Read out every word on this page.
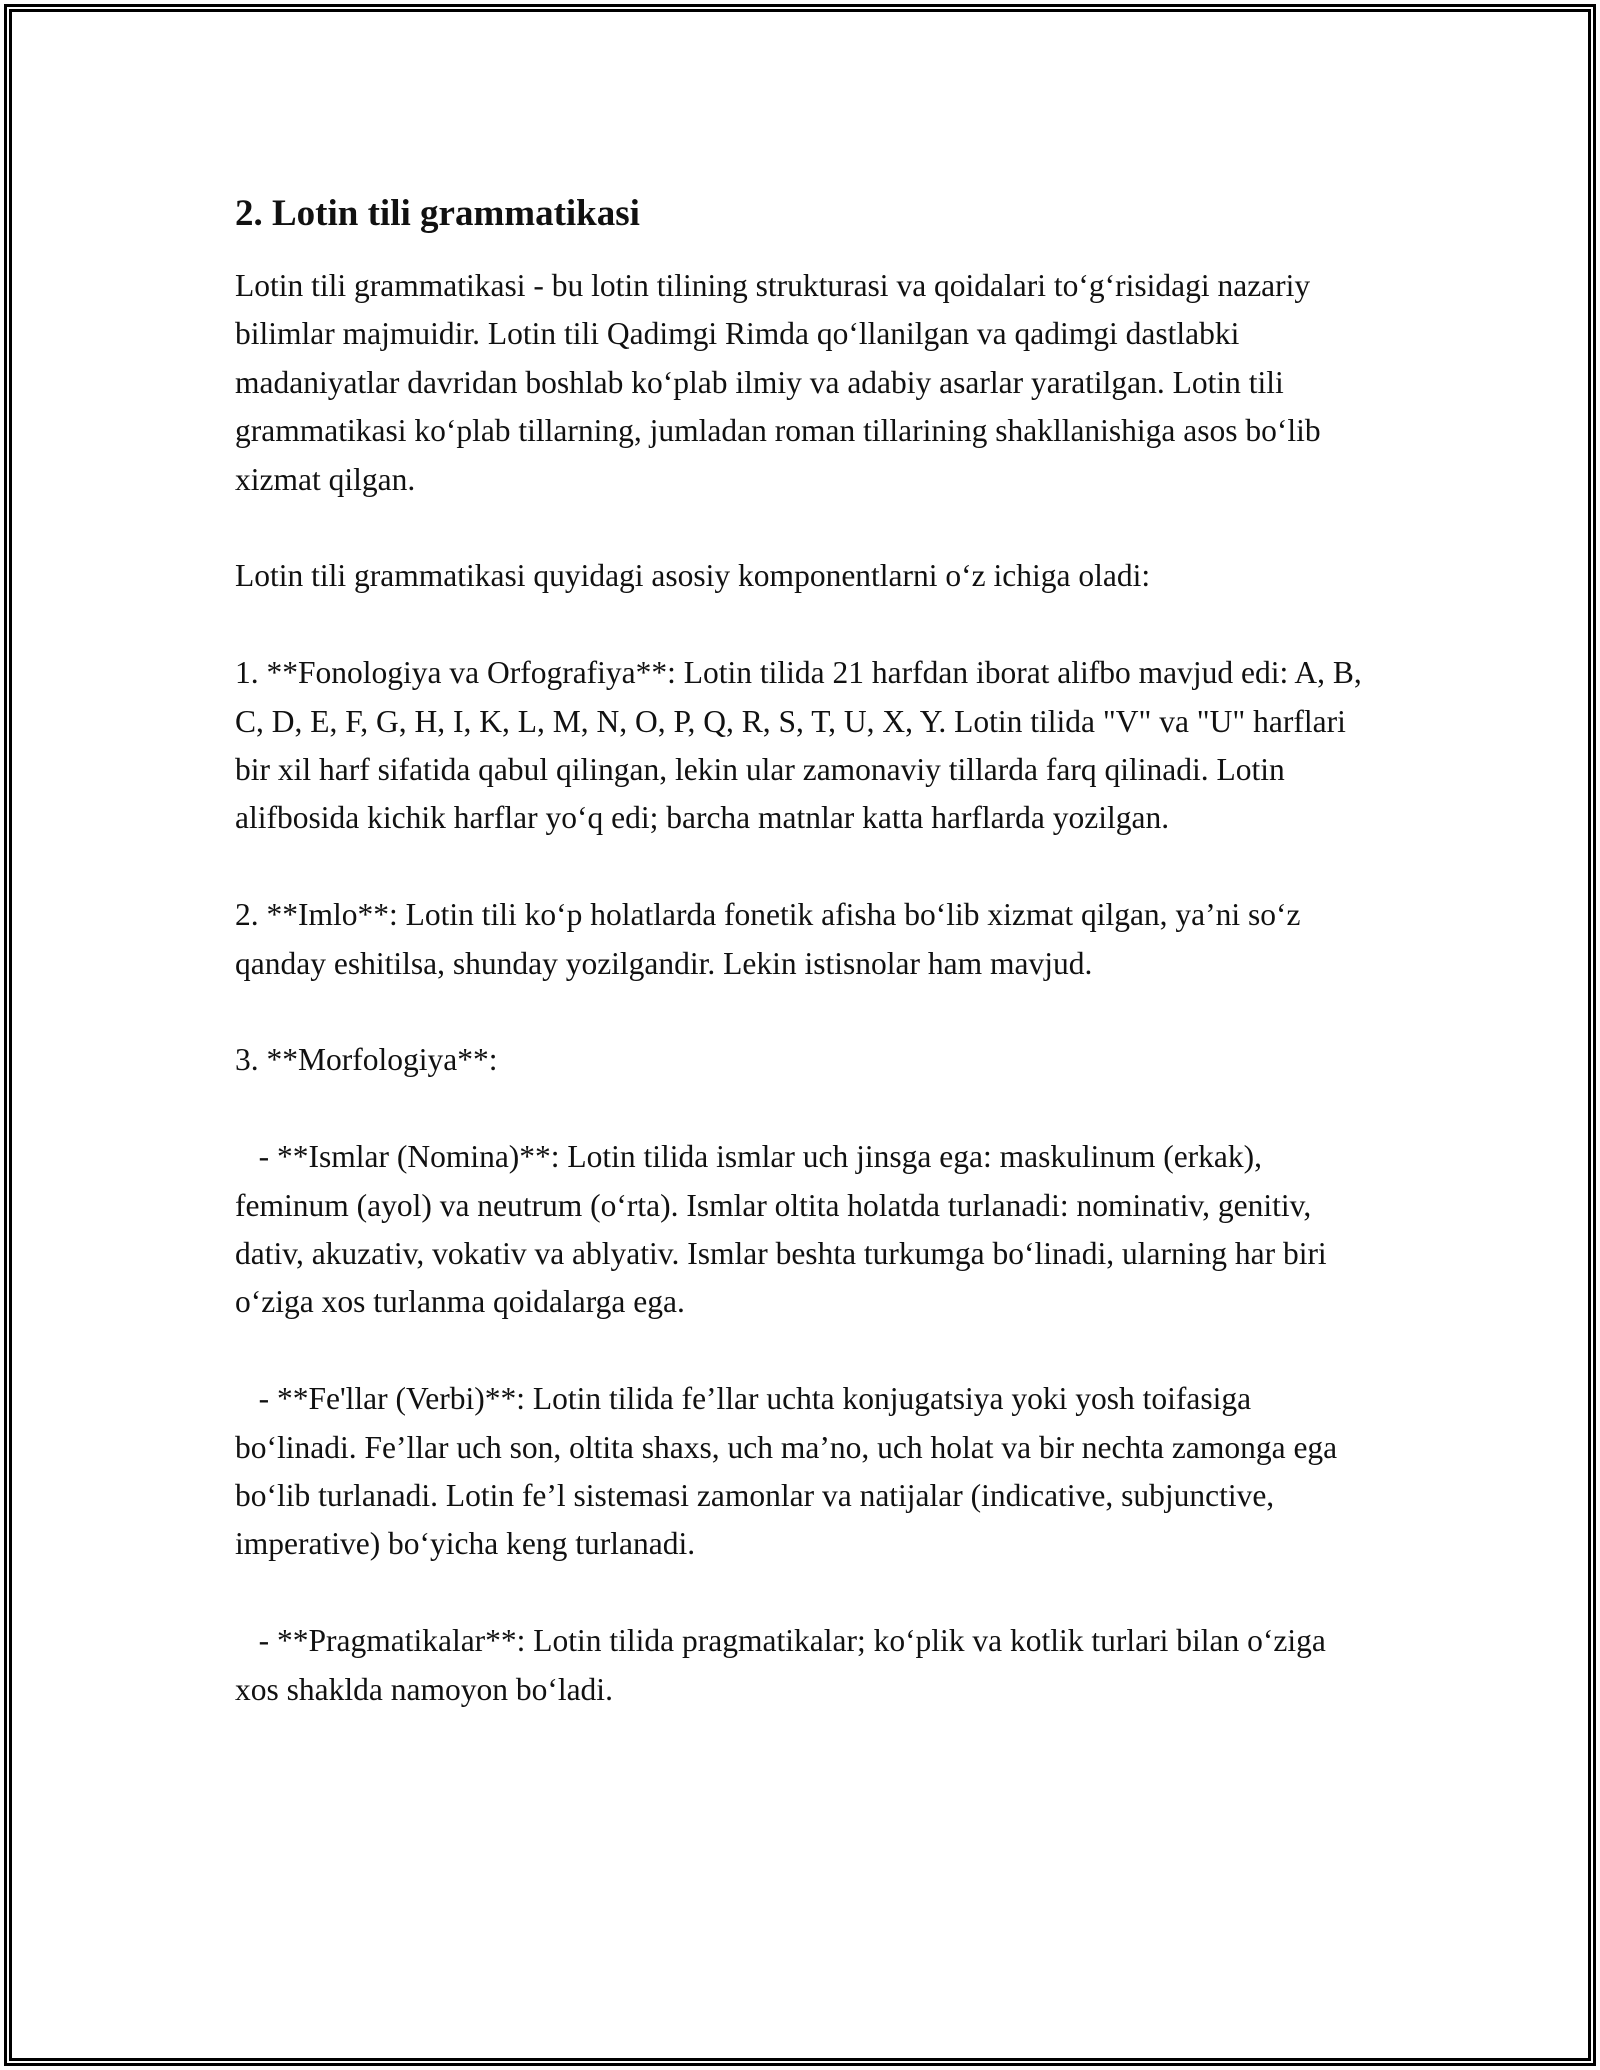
2. Lotin tili grammatikasi

Lotin tili grammatikasi - bu lotin tilining strukturasi va qoidalari to‘g‘risidagi nazariy bilimlar majmuidir. Lotin tili Qadimgi Rimda qo‘llanilgan va qadimgi dastlabki madaniyatlar davridan boshlab ko‘plab ilmiy va adabiy asarlar yaratilgan. Lotin tili grammatikasi ko‘plab tillarning, jumladan roman tillarining shakllanishiga asos bo‘lib xizmat qilgan.

Lotin tili grammatikasi quyidagi asosiy komponentlarni o‘z ichiga oladi:

1. **Fonologiya va Orfografiya**: Lotin tilida 21 harfdan iborat alifbo mavjud edi: A, B, C, D, E, F, G, H, I, K, L, M, N, O, P, Q, R, S, T, U, X, Y. Lotin tilida "V" va "U" harflari bir xil harf sifatida qabul qilingan, lekin ular zamonaviy tillarda farq qilinadi. Lotin alifbosida kichik harflar yo‘q edi; barcha matnlar katta harflarda yozilgan.

2. **Imlo**: Lotin tili ko‘p holatlarda fonetik afisha bo‘lib xizmat qilgan, ya’ni so‘z qanday eshitilsa, shunday yozilgandir. Lekin istisnolar ham mavjud.

3. **Morfologiya**:

- **Ismlar (Nomina)**: Lotin tilida ismlar uch jinsga ega: maskulinum (erkak), feminum (ayol) va neutrum (o‘rta). Ismlar oltita holatda turlanadi: nominativ, genitiv, dativ, akuzativ, vokativ va ablyativ. Ismlar beshta turkumga bo‘linadi, ularning har biri o‘ziga xos turlanma qoidalarga ega.

- **Fe'llar (Verbi)**: Lotin tilida fe’llar uchta konjugatsiya yoki yosh toifasiga bo‘linadi. Fe’llar uch son, oltita shaxs, uch ma’no, uch holat va bir nechta zamonga ega bo‘lib turlanadi. Lotin fe’l sistemasi zamonlar va natijalar (indicative, subjunctive, imperative) bo‘yicha keng turlanadi.

- **Pragmatikalar**: Lotin tilida pragmatikalar; ko‘plik va kotlik turlari bilan o‘ziga xos shaklda namoyon bo‘ladi.
